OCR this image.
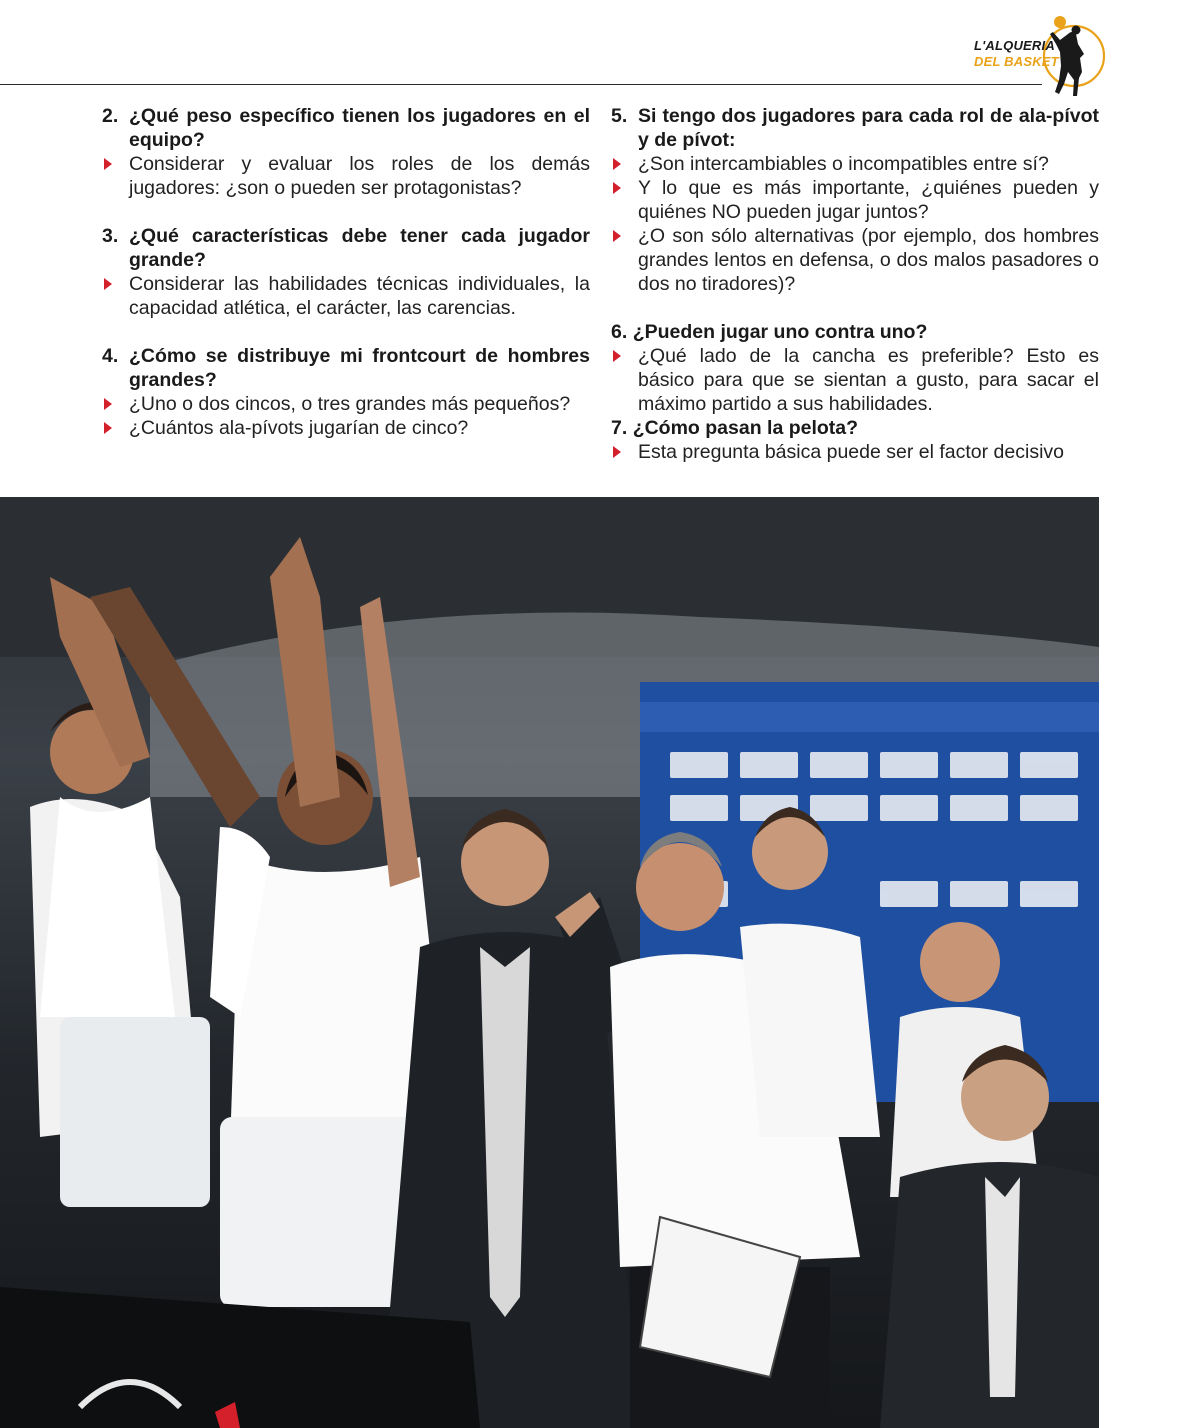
L'ALQUERIA
DEL BASKET
2. ¿Qué peso específico tienen los jugadores en el equipo?
Considerar y evaluar los roles de los demás jugadores: ¿son o pueden ser protagonistas?
3. ¿Qué características debe tener cada jugador grande?
Considerar las habilidades técnicas individuales, la capacidad atlética, el carácter, las carencias.
4. ¿Cómo se distribuye mi frontcourt de hombres grandes?
¿Uno o dos cincos, o tres grandes más pequeños?
¿Cuántos ala-pívots jugarían de cinco?
5. Si tengo dos jugadores para cada rol de ala-pívot y de pívot:
¿Son intercambiables o incompatibles entre sí?
Y lo que es más importante, ¿quiénes pueden y quiénes NO pueden jugar juntos?
¿O son sólo alternativas (por ejemplo, dos hombres grandes lentos en defensa, o dos malos pasadores o dos no tiradores)?
6. ¿Pueden jugar uno contra uno?
¿Qué lado de la cancha es preferible? Esto es básico para que se sientan a gusto, para sacar el máximo partido a sus habilidades.
7. ¿Cómo pasan la pelota?
Esta pregunta básica puede ser el factor decisivo
